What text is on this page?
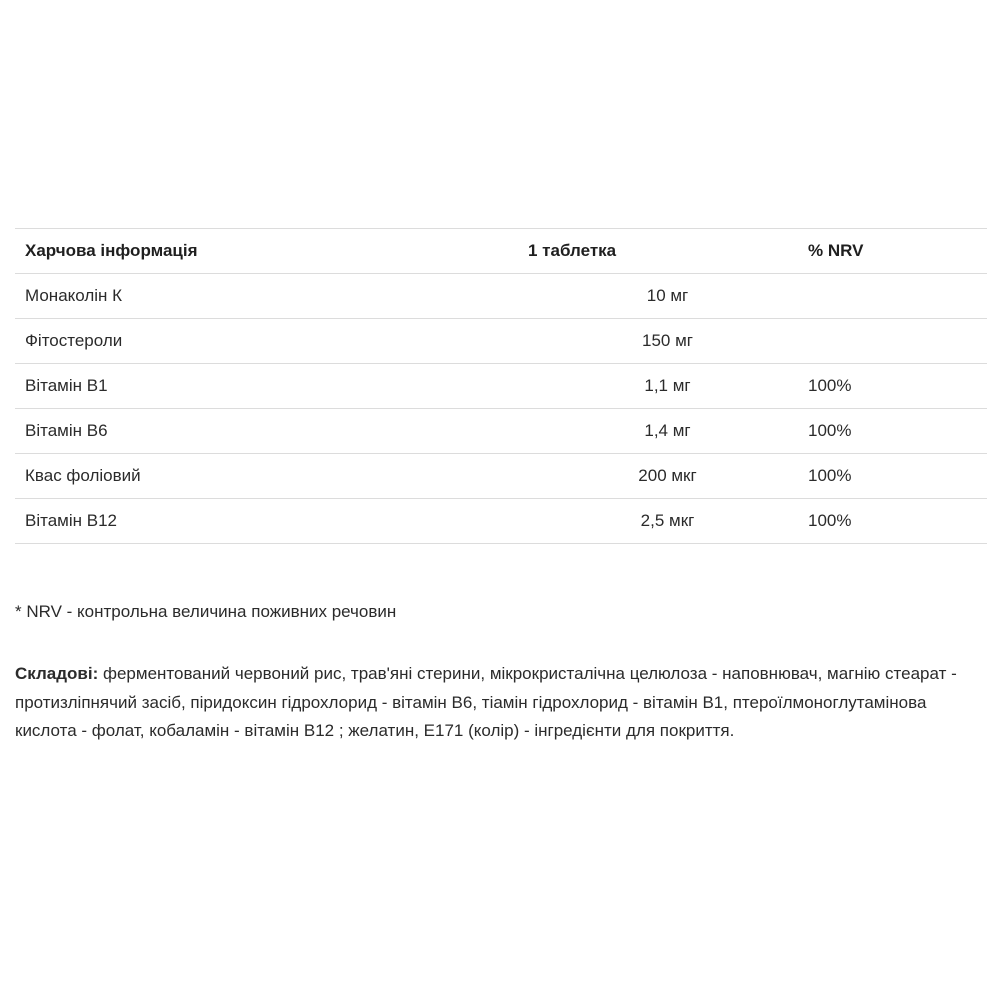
Харчова інформація	1 таблетка	% NRV
Монаколін К	10 мг
Фітостероли	150 мг
Вітамін В1	1,1 мг	100%
Вітамін В6	1,4 мг	100%
Квас фоліовий	200 мкг	100%
Вітамін В12	2,5 мкг	100%
* NRV - контрольна величина поживних речовин
Складові: ферментований червоний рис, трав'яні стерини, мікрокристалічна целюлоза - наповнювач, магнію стеарат - протизліпнячий засіб, піридоксин гідрохлорид - вітамін В6, тіамін гідрохлорид - вітамін В1, птероїлмоноглутамінова кислота - фолат, кобаламін - вітамін В12 ; желатин, Е171 (колір) - інгредієнти для покриття.
